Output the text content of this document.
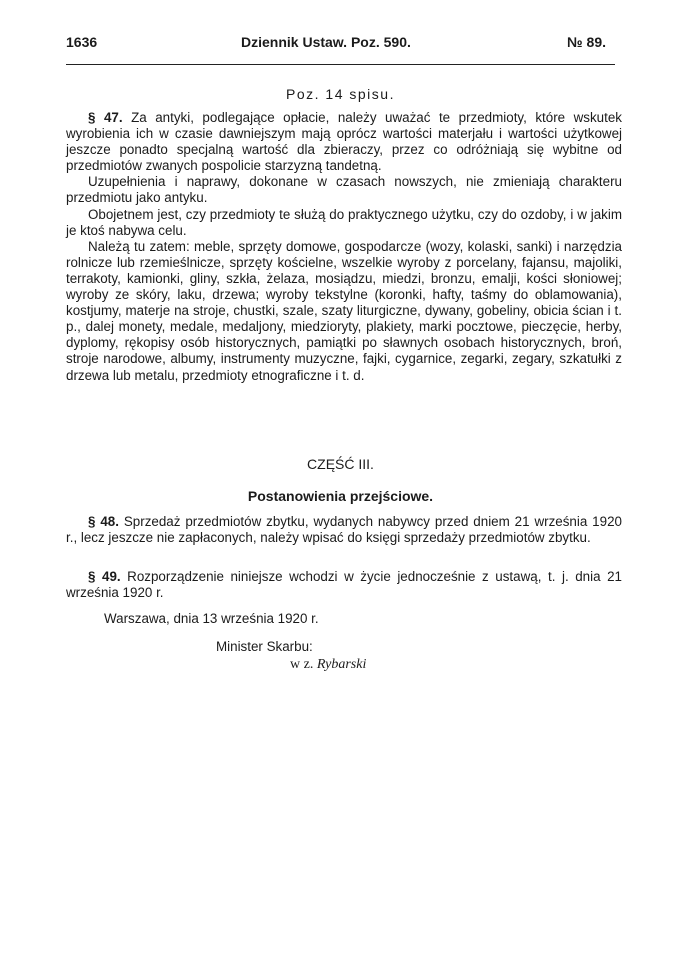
1636	Dziennik Ustaw. Poz. 590.	№ 89.
Poz. 14 spisu.

§ 47. Za antyki, podlegające opłacie, należy uważać te przedmioty, które wskutek wyrobienia ich w czasie dawniejszym mają oprócz wartości materjału i wartości użytkowej jeszcze ponadto specjalną wartość dla zbieraczy, przez co odróżniają się wybitne od przedmiotów zwanych pospolicie starzyzną tandetną.

Uzupełnienia i naprawy, dokonane w czasach nowszych, nie zmieniają charakteru przedmiotu jako antyku.

Obojetnem jest, czy przedmioty te służą do praktycznego użytku, czy do ozdoby, i w jakim je ktoś nabywa celu.

Należą tu zatem: meble, sprzęty domowe, gospodarcze (wozy, kolaski, sanki) i narzędzia rolnicze lub rzemieślnicze, sprzęty kościelne, wszelkie wyroby z porcelany, fajansu, majoliki, terrakoty, kamionki, gliny, szkła, żelaza, mosiądzu, miedzi, bronzu, emalji, kości słoniowej; wyroby ze skóry, laku, drzewa; wyroby tekstylne (koronki, hafty, taśmy do oblamowania), kostjumy, materje na stroje, chustki, szale, szaty liturgiczne, dywany, gobeliny, obicia ścian i t. p., dalej monety, medale, medaljony, miedzioryty, plakiety, marki pocztowe, pieczęcie, herby, dyplomy, rękopisy osób historycznych, pamiątki po sławnych osobach historycznych, broń, stroje narodowe, albumy, instrumenty muzyczne, fajki, cygarnice, zegarki, zegary, szkatułki z drzewa lub metalu, przedmioty etnograficzne i t. d.

CZĘŚĆ III.
Postanowienia przejściowe.

§ 48. Sprzedaż przedmiotów zbytku, wydanych nabywcy przed dniem 21 września 1920 r., lecz jeszcze nie zapłaconych, należy wpisać do księgi sprzedaży przedmiotów zbytku.

§ 49. Rozporządzenie niniejsze wchodzi w życie jednocześnie z ustawą, t. j. dnia 21 września 1920 r.

Warszawa, dnia 13 września 1920 r.
Minister Skarbu:
w z. Rybarski
